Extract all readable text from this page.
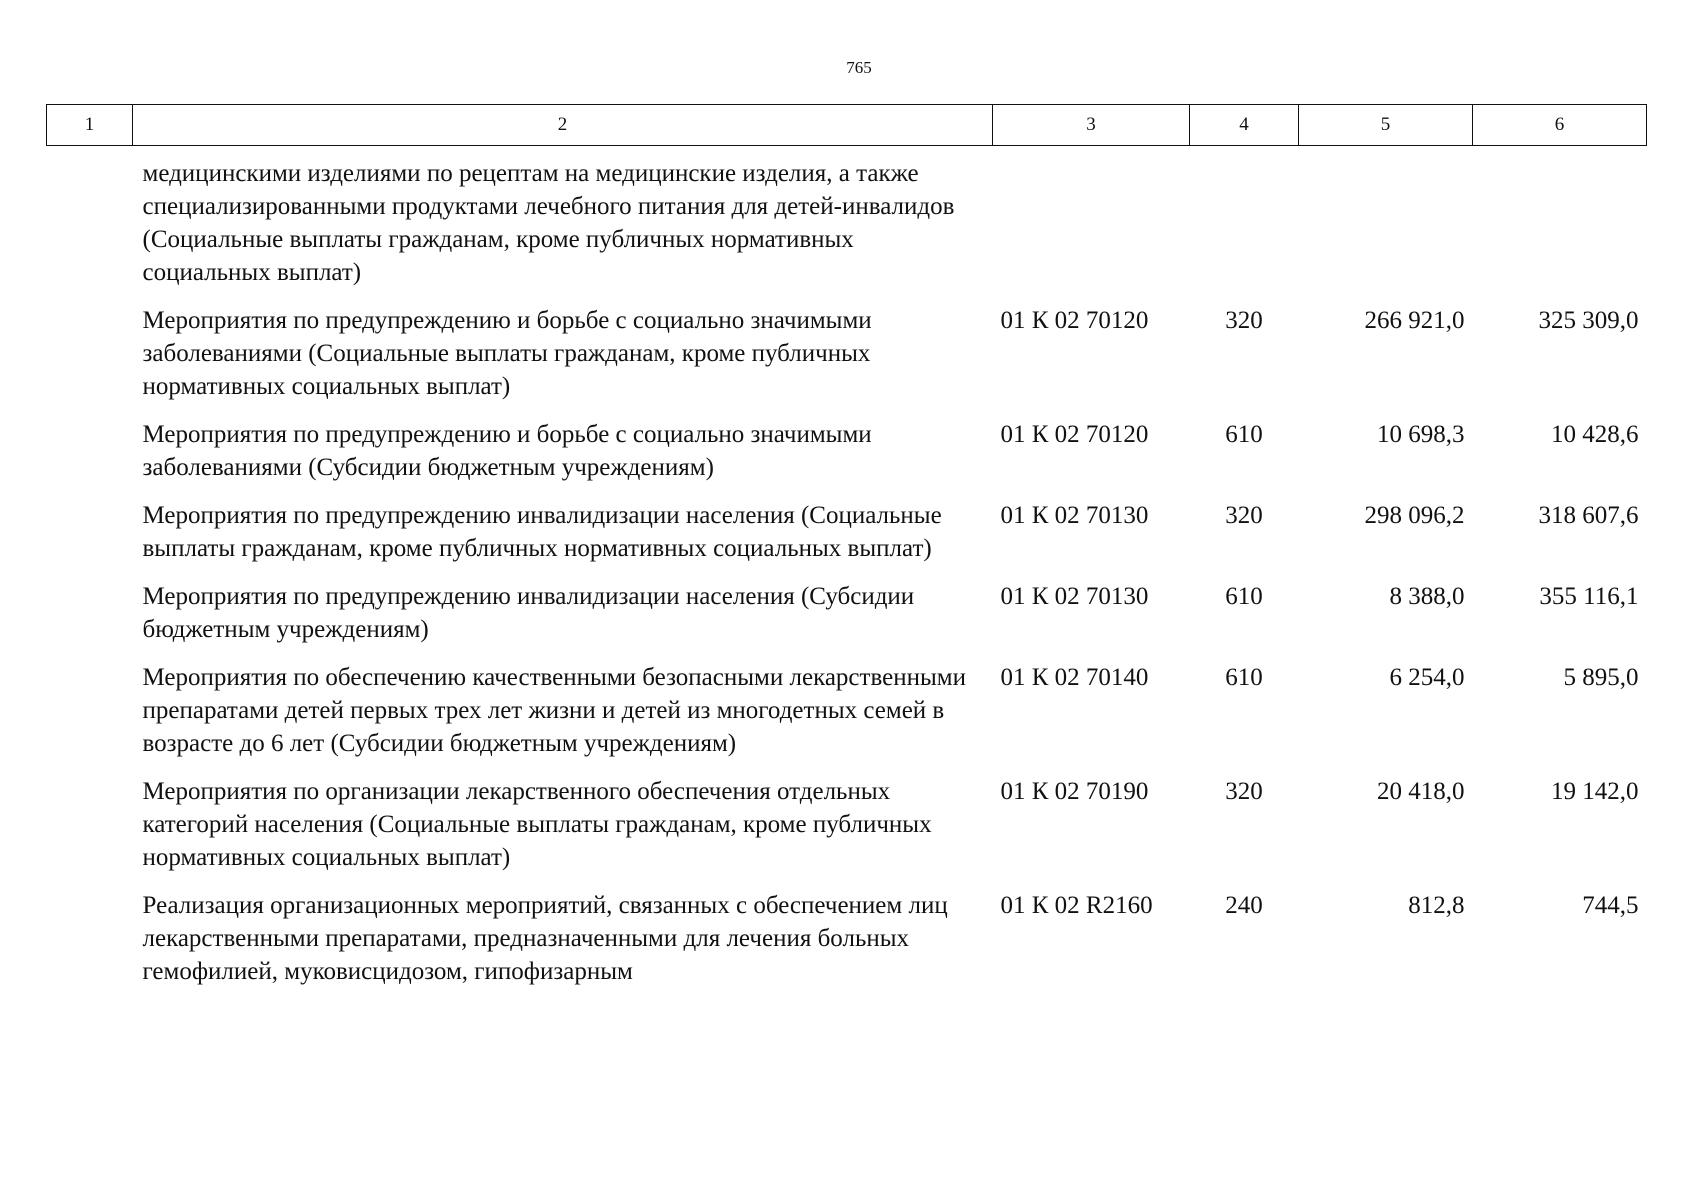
765
1	2	3	4	5	6
медицинскими изделиями по рецептам на медицинские изделия, а также специализированными продуктами лечебного питания для детей-инвалидов (Социальные выплаты гражданам, кроме публичных нормативных социальных выплат)					
Мероприятия по предупреждению и борьбе с социально значимыми заболеваниями (Социальные выплаты гражданам, кроме публичных нормативных социальных выплат)		01 К 02 70120	320	266 921,0	325 309,0
Мероприятия по предупреждению и борьбе с социально значимыми заболеваниями (Субсидии бюджетным учреждениям)		01 К 02 70120	610	10 698,3	10 428,6
Мероприятия по предупреждению инвалидизации населения (Социальные выплаты гражданам, кроме публичных нормативных социальных выплат)		01 К 02 70130	320	298 096,2	318 607,6
Мероприятия по предупреждению инвалидизации населения (Субсидии бюджетным учреждениям)		01 К 02 70130	610	8 388,0	355 116,1
Мероприятия по обеспечению качественными безопасными лекарственными препаратами детей первых трех лет жизни и детей из многодетных семей в возрасте до 6 лет (Субсидии бюджетным учреждениям)		01 К 02 70140	610	6 254,0	5 895,0
Мероприятия по организации лекарственного обеспечения отдельных категорий населения (Социальные выплаты гражданам, кроме публичных нормативных социальных выплат)		01 К 02 70190	320	20 418,0	19 142,0
Реализация организационных мероприятий, связанных с обеспечением лиц лекарственными препаратами, предназначенными для лечения больных гемофилией, муковисцидозом, гипофизарным		01 К 02 R2160	240	812,8	744,5
